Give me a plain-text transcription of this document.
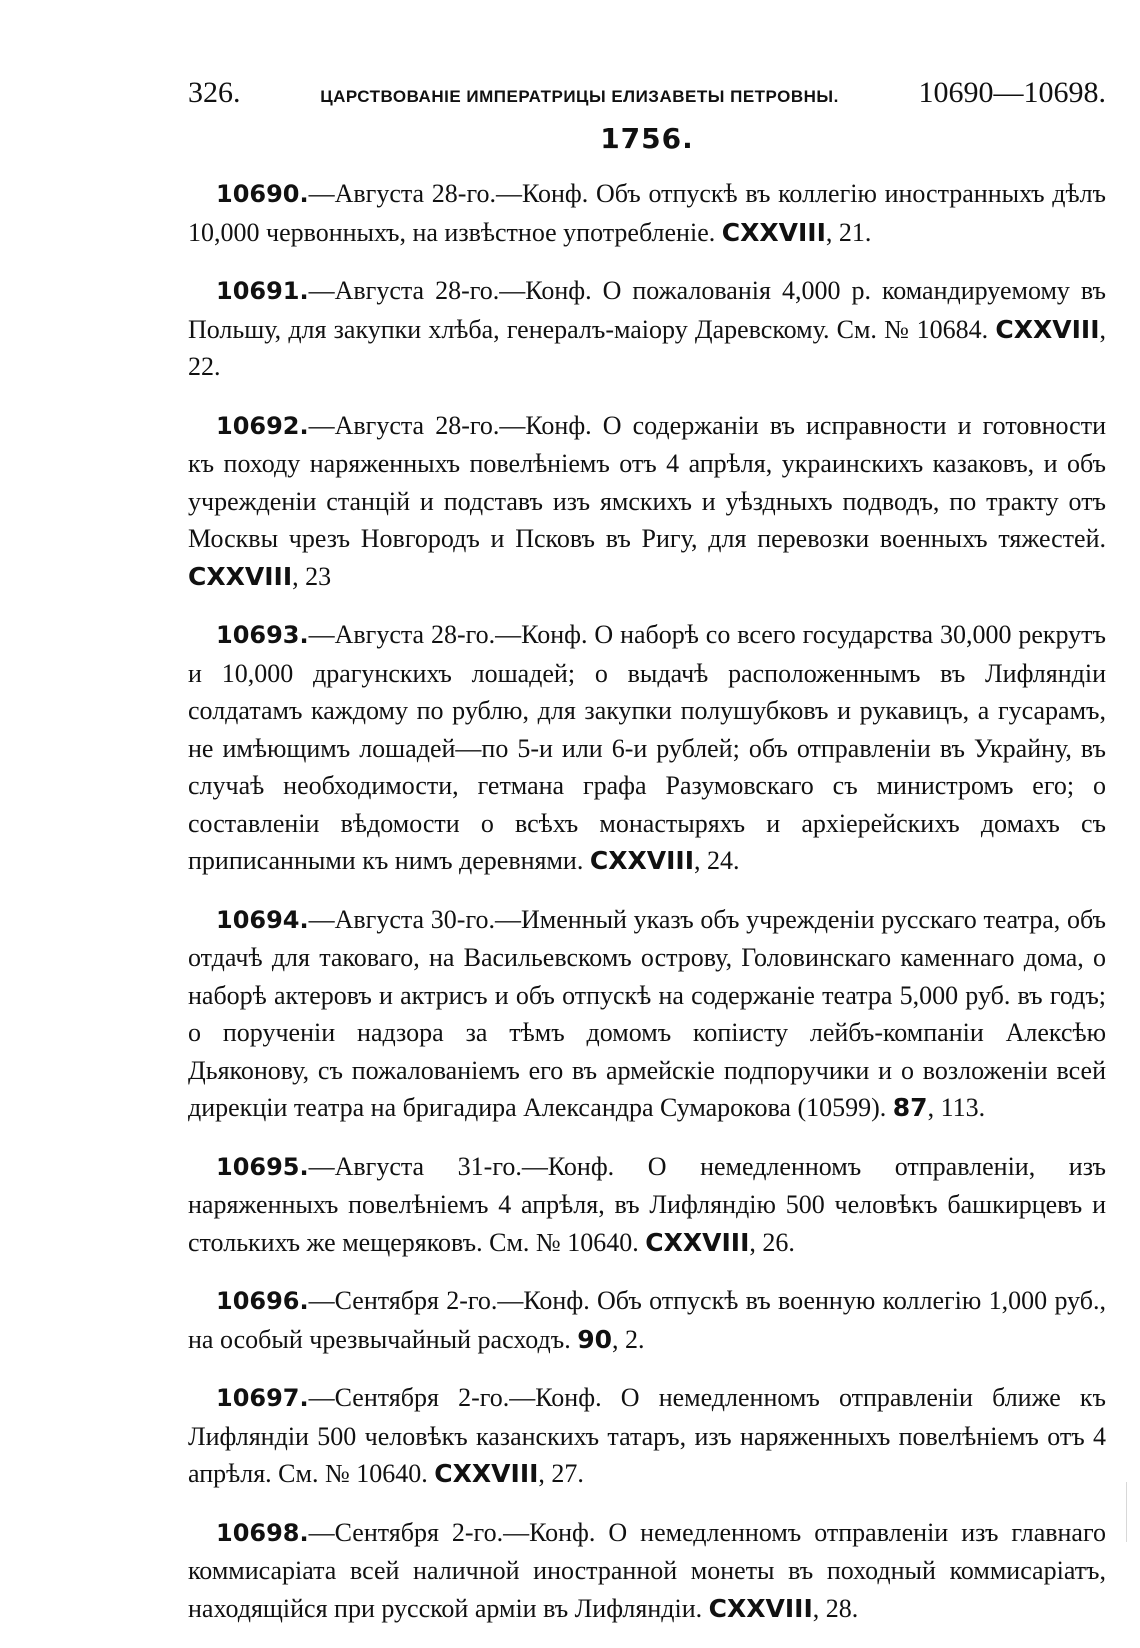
326.	ЦАРСТВОВАНІЕ ИМПЕРАТРИЦЫ ЕЛИЗАВЕТЫ ПЕТРОВНЫ.	10690—10698.
1756.

10690.—Августа 28-го.—Конф. Объ отпускѣ въ коллегію иностранныхъ дѣлъ 10,000 червонныхъ, на извѣстное употребленіе. CXXVIII, 21.

10691.—Августа 28-го.—Конф. О пожалованія 4,000 р. командируемому въ Польшу, для закупки хлѣба, генералъ-маіору Даревскому. См. № 10684. CXXVIII, 22.

10692.—Августа 28-го.—Конф. О содержаніи въ исправности и готовности къ походу наряженныхъ повелѣніемъ отъ 4 апрѣля, украинскихъ казаковъ, и объ учрежденіи станцій и подставъ изъ ямскихъ и уѣздныхъ подводъ, по тракту отъ Москвы чрезъ Новгородъ и Псковъ въ Ригу, для перевозки военныхъ тяжестей. CXXVIII, 23

10693.—Августа 28-го.—Конф. О наборѣ со всего государства 30,000 рекрутъ и 10,000 драгунскихъ лошадей; о выдачѣ расположеннымъ въ Лифляндіи солдатамъ каждому по рублю, для закупки полушубковъ и рукавицъ, а гусарамъ, не имѣющимъ лошадей—по 5-и или 6-и рублей; объ отправленіи въ Украйну, въ случаѣ необходимости, гетмана графа Разумовскаго съ министромъ его; о составленіи вѣдомости о всѣхъ монастыряхъ и архіерейскихъ домахъ съ приписанными къ нимъ деревнями. CXXVIII, 24.

10694.—Августа 30-го.—Именный указъ объ учрежденіи русскаго театра, объ отдачѣ для таковаго, на Васильевскомъ острову, Головинскаго каменнаго дома, о наборѣ актеровъ и актрисъ и объ отпускѣ на содержаніе театра 5,000 руб. въ годъ; о порученіи надзора за тѣмъ домомъ копіисту лейбъ-компаніи Алексѣю Дьяконову, съ пожалованіемъ его въ армейскіе подпоручики и о возложеніи всей дирекціи театра на бригадира Александра Сумарокова (10599). 87, 113.

10695.—Августа 31-го.—Конф. О немедленномъ отправленіи, изъ наряженныхъ повелѣніемъ 4 апрѣля, въ Лифляндію 500 человѣкъ башкирцевъ и столькихъ же мещеряковъ. См. № 10640. CXXVIII, 26.

10696.—Сентября 2-го.—Конф. Объ отпускѣ въ военную коллегію 1,000 руб., на особый чрезвычайный расходъ. 90, 2.

10697.—Сентября 2-го.—Конф. О немедленномъ отправленіи ближе къ Лифляндіи 500 человѣкъ казанскихъ татаръ, изъ наряженныхъ повелѣніемъ отъ 4 апрѣля. См. № 10640. CXXVIII, 27.

10698.—Сентября 2-го.—Конф. О немедленномъ отправленіи изъ главнаго коммисаріата всей наличной иностранной монеты въ походный коммисаріатъ, находящійся при русской арміи въ Лифляндіи. CXXVIII, 28.
